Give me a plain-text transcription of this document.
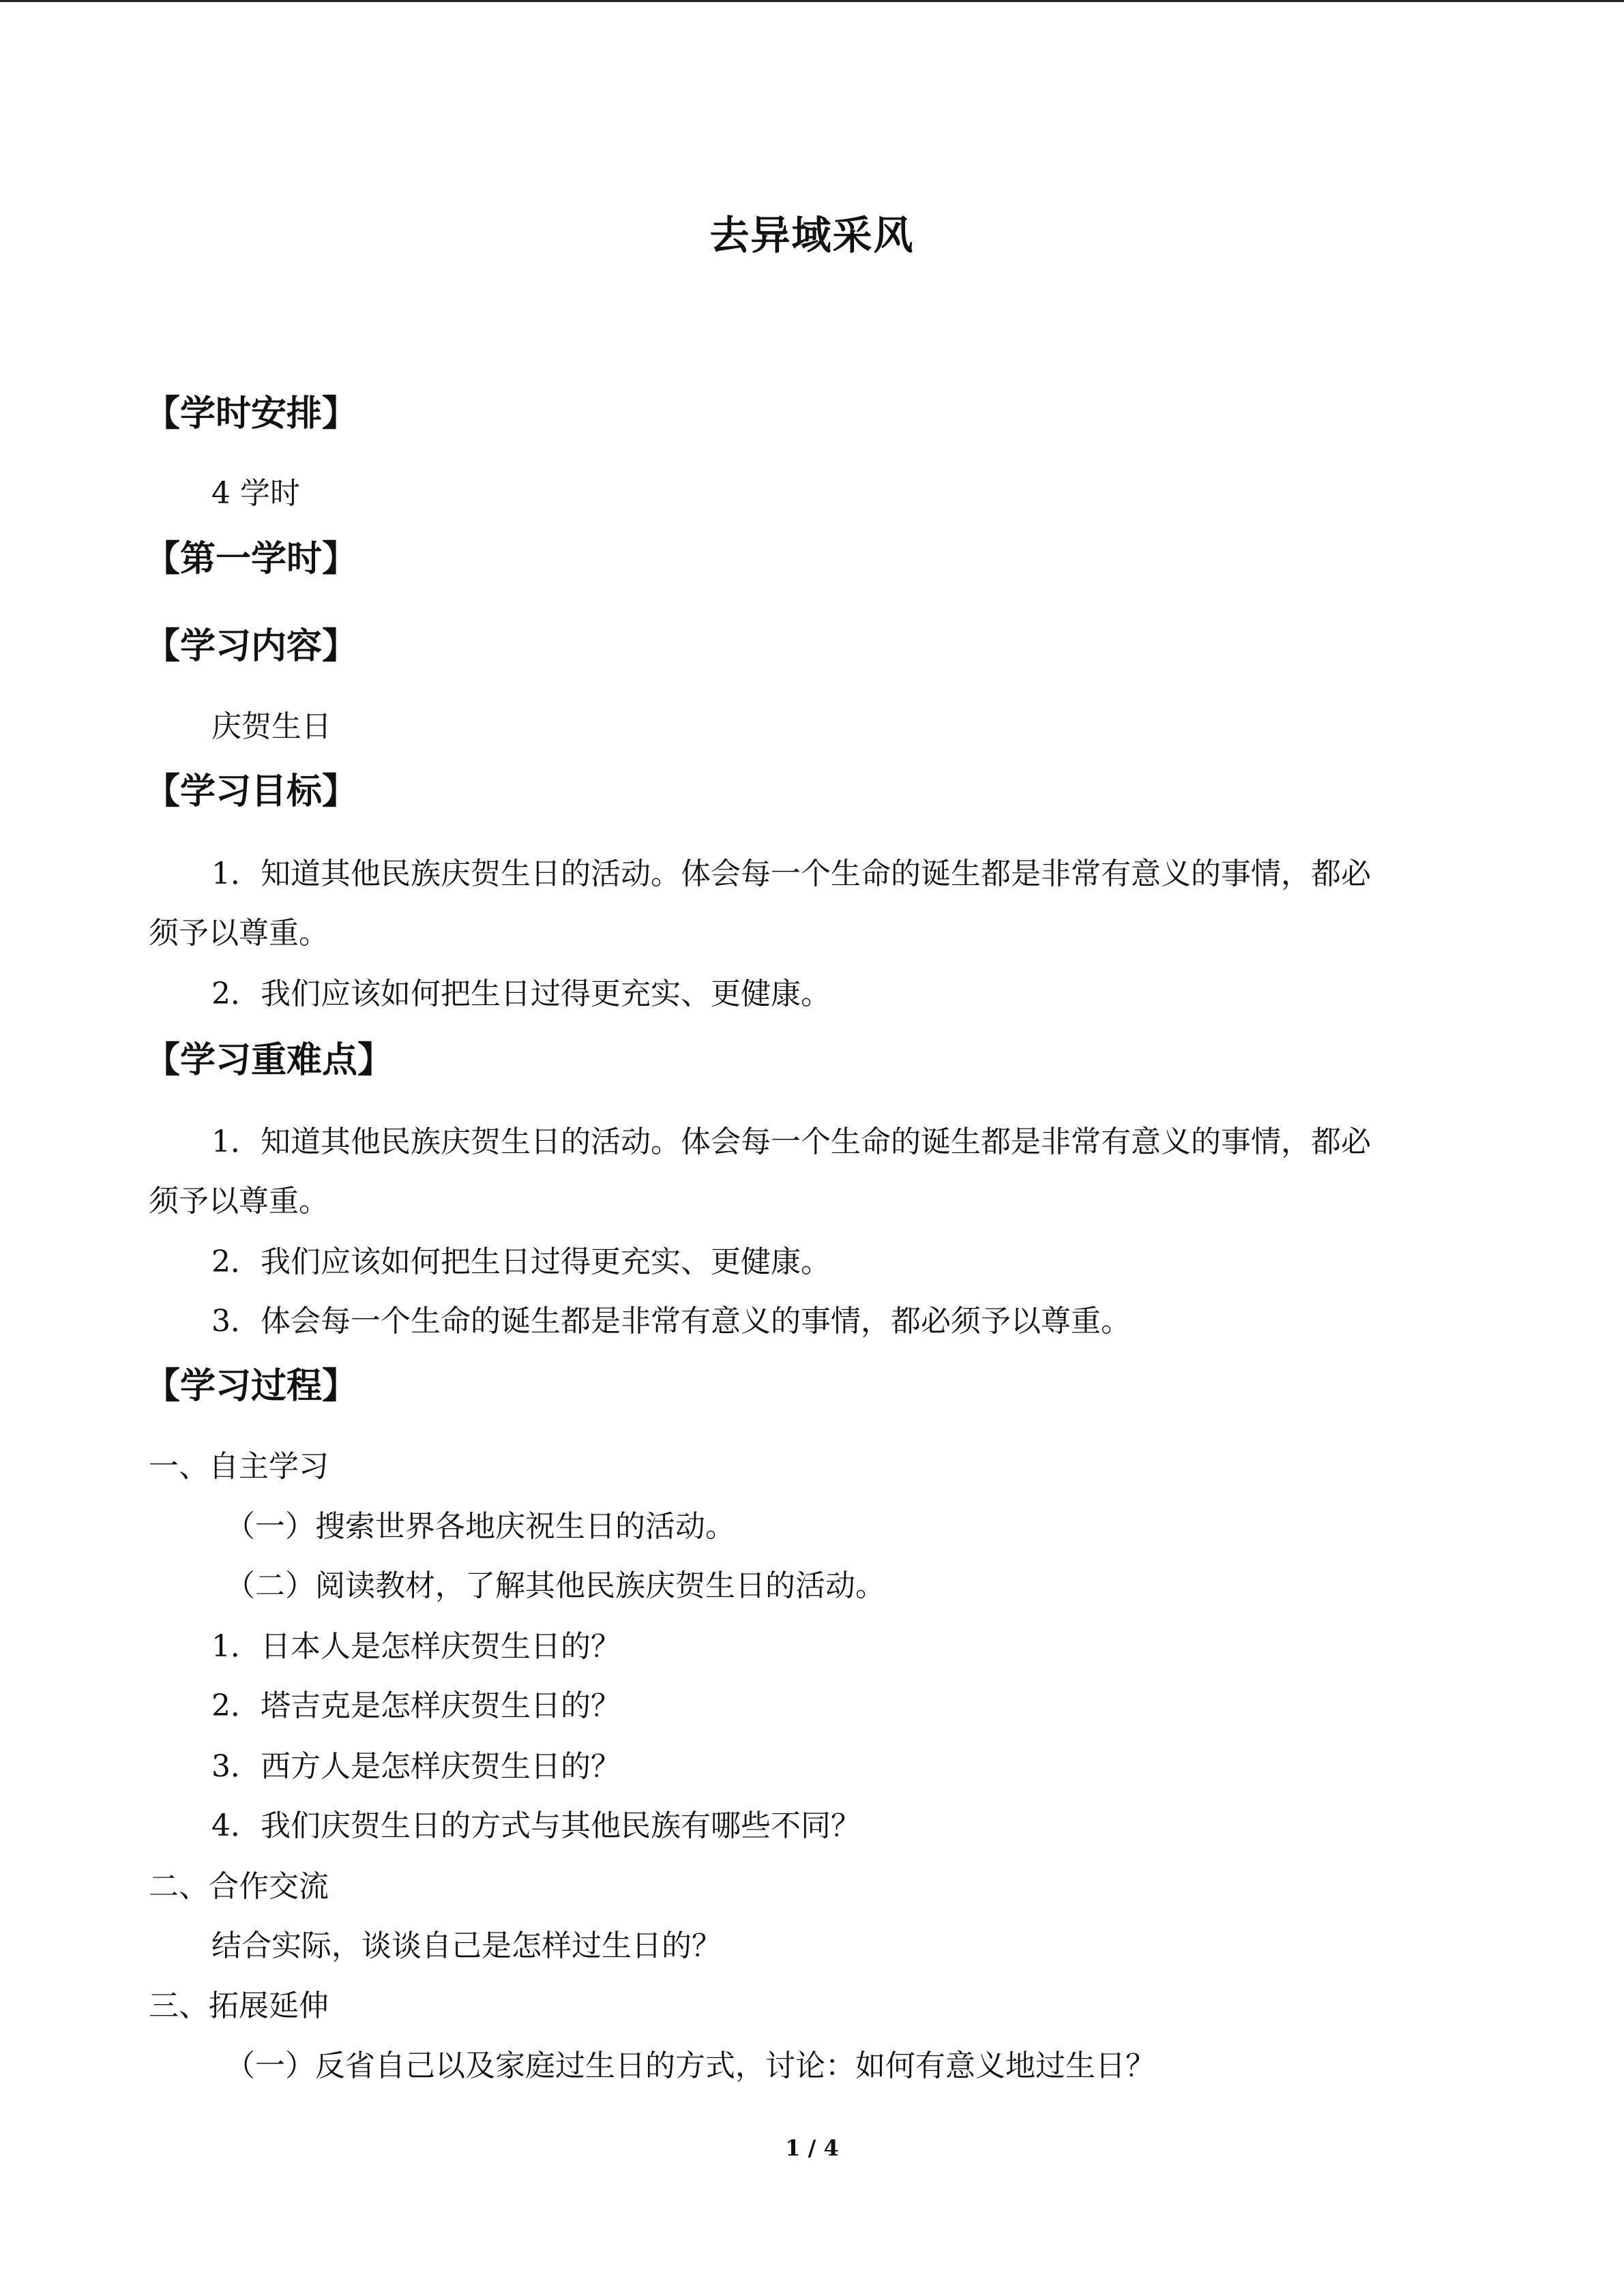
去异域采风
【学时安排】
4 学时
【第一学时】
【学习内容】
庆贺生日
【学习目标】
1．知道其他民族庆贺生日的活动。体会每一个生命的诞生都是非常有意义的事情，都必
须予以尊重。
2．我们应该如何把生日过得更充实、更健康。
【学习重难点】
1．知道其他民族庆贺生日的活动。体会每一个生命的诞生都是非常有意义的事情，都必
须予以尊重。
2．我们应该如何把生日过得更充实、更健康。
3．体会每一个生命的诞生都是非常有意义的事情，都必须予以尊重。
【学习过程】
一、自主学习
（一）搜索世界各地庆祝生日的活动。
（二）阅读教材，了解其他民族庆贺生日的活动。
1．日本人是怎样庆贺生日的？
2．塔吉克是怎样庆贺生日的？
3．西方人是怎样庆贺生日的？
4．我们庆贺生日的方式与其他民族有哪些不同？
二、合作交流
结合实际，谈谈自己是怎样过生日的？
三、拓展延伸
（一）反省自己以及家庭过生日的方式，讨论：如何有意义地过生日？
1 / 4
